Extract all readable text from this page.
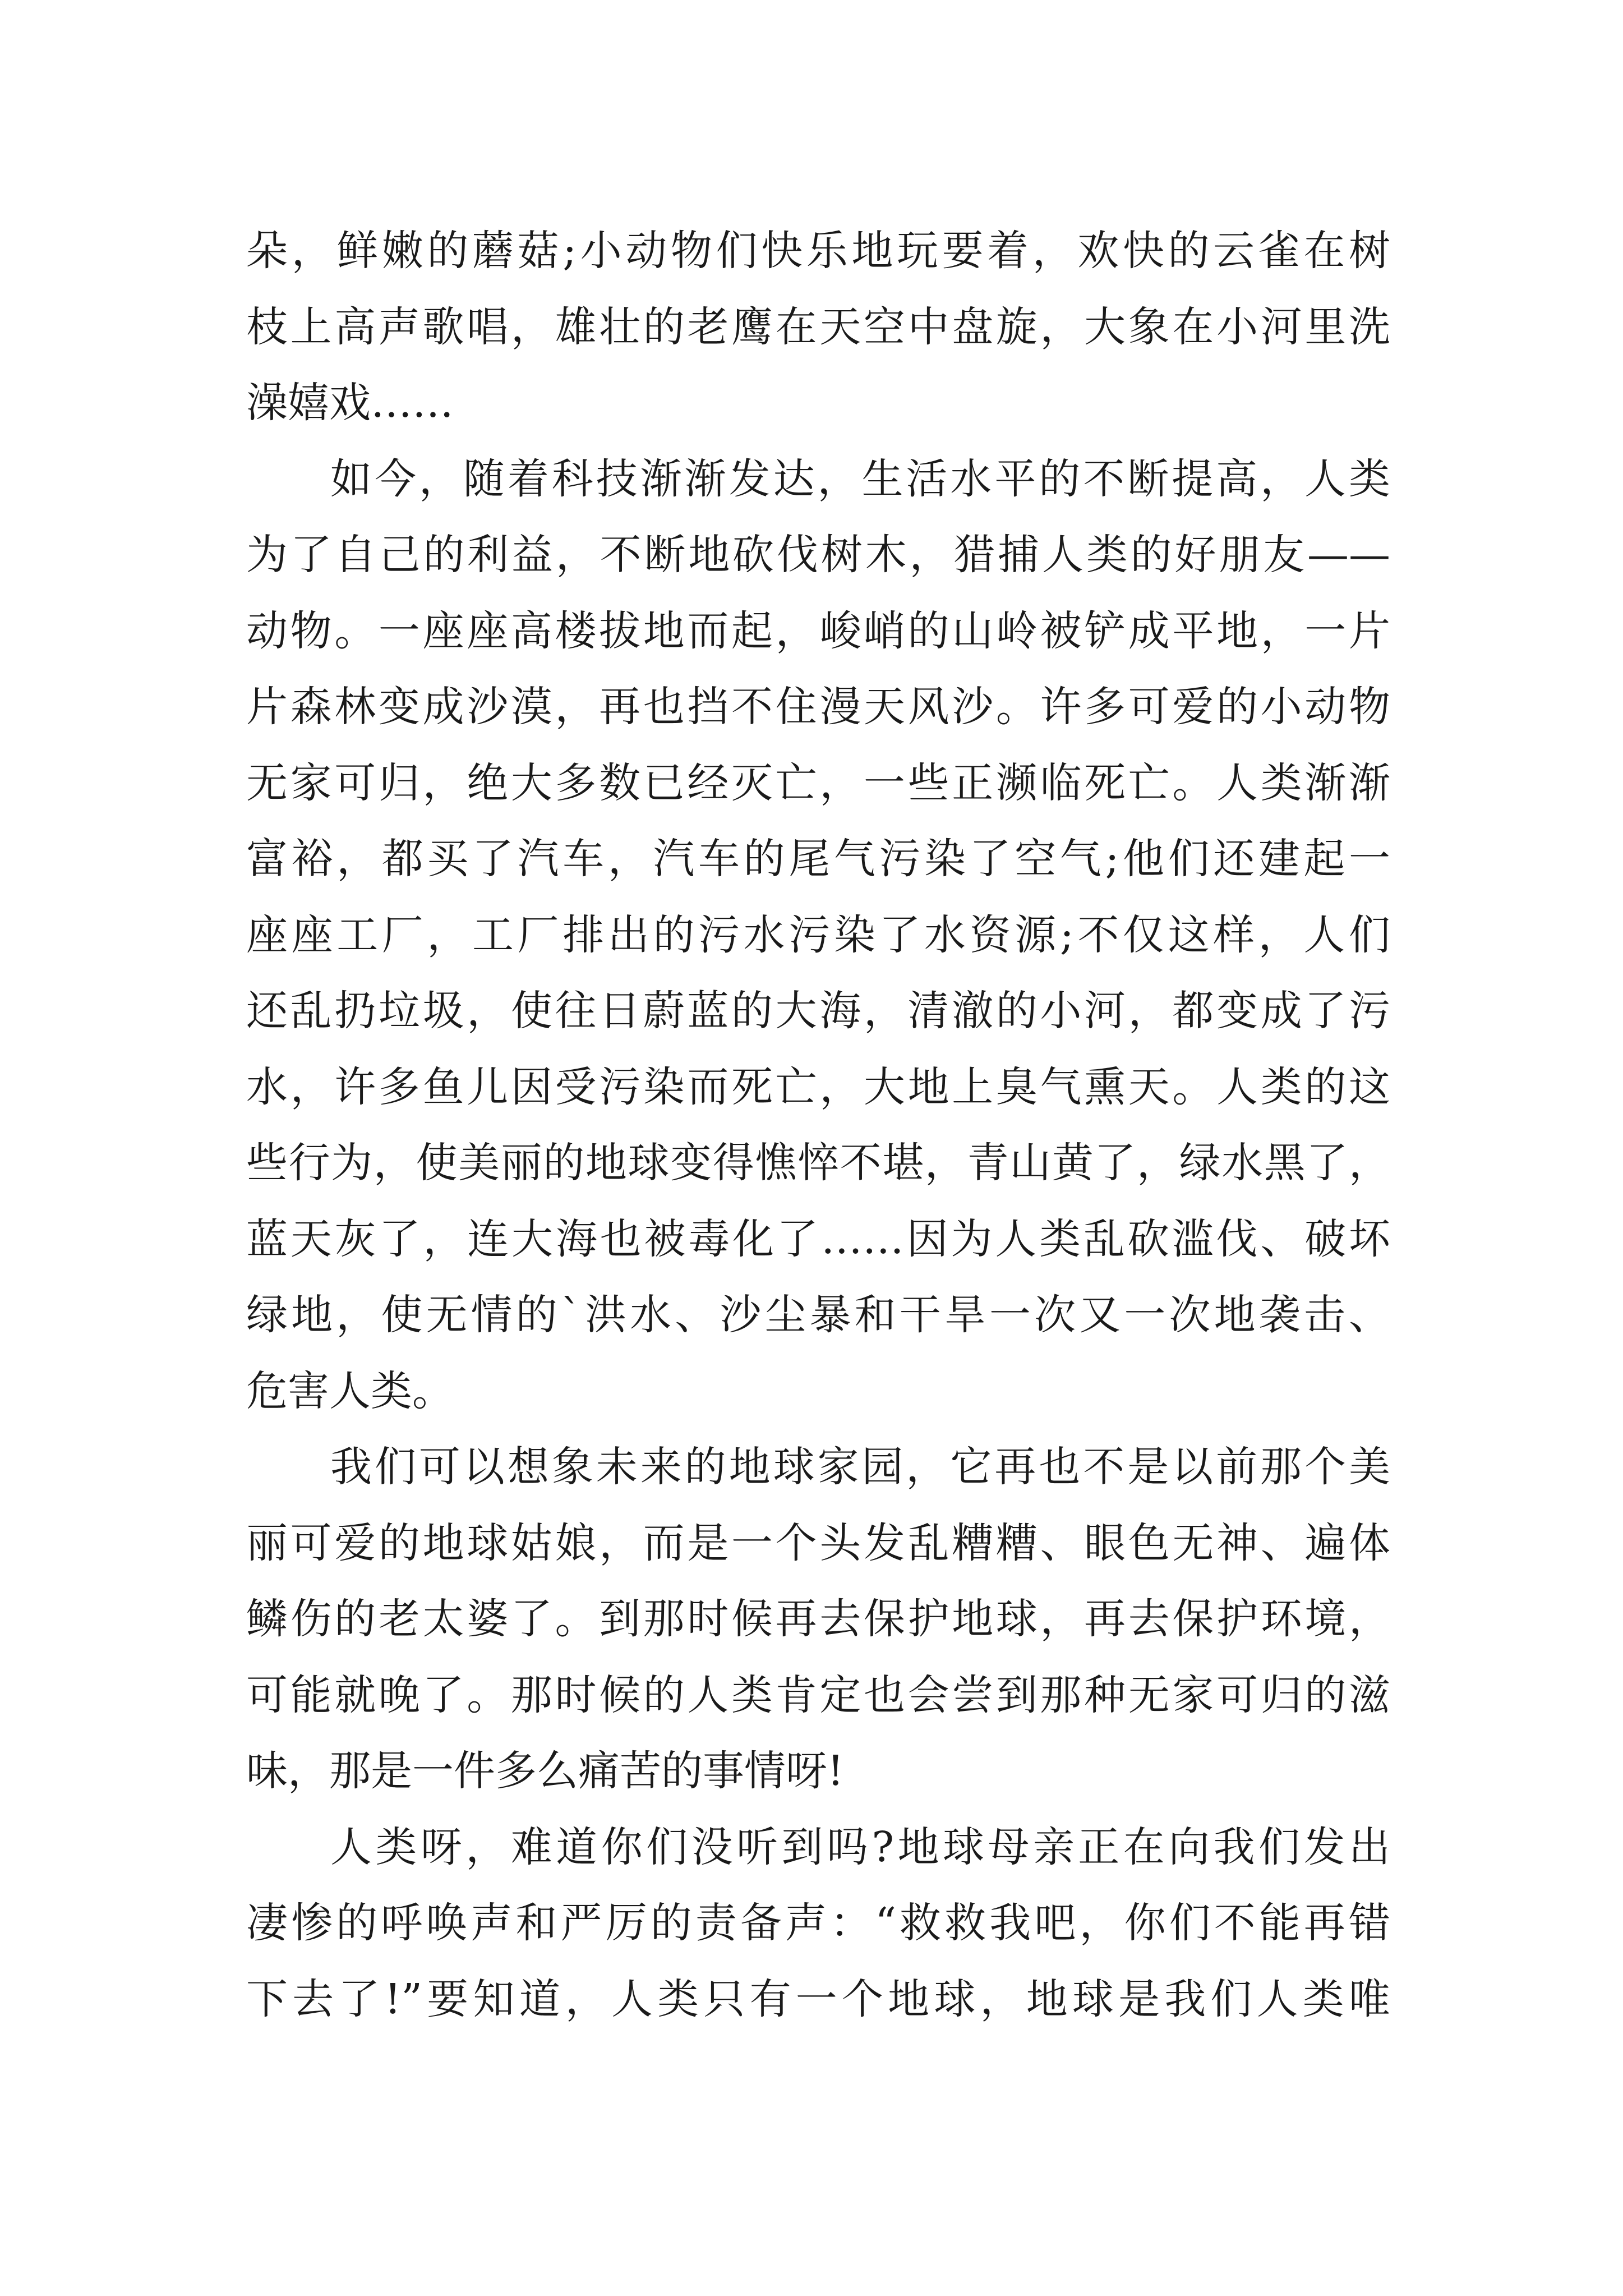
朵，鲜嫩的蘑菇;小动物们快乐地玩要着，欢快的云雀在树
枝上高声歌唱，雄壮的老鹰在天空中盘旋，大象在小河里洗
澡嬉戏……
如今，随着科技渐渐发达，生活水平的不断提高，人类
为了自己的利益，不断地砍伐树木，猎捕人类的好朋友——
动物。一座座高楼拔地而起，峻峭的山岭被铲成平地，一片
片森林变成沙漠，再也挡不住漫天风沙。许多可爱的小动物
无家可归，绝大多数已经灭亡，一些正濒临死亡。人类渐渐
富裕，都买了汽车，汽车的尾气污染了空气;他们还建起一
座座工厂，工厂排出的污水污染了水资源;不仅这样，人们
还乱扔垃圾，使往日蔚蓝的大海，清澈的小河，都变成了污
水，许多鱼儿因受污染而死亡，大地上臭气熏天。人类的这
些行为，使美丽的地球变得憔悴不堪，青山黄了，绿水黑了，
蓝天灰了，连大海也被毒化了……因为人类乱砍滥伐、破坏
绿地，使无情的`洪水、沙尘暴和干旱一次又一次地袭击、
危害人类。
我们可以想象未来的地球家园，它再也不是以前那个美
丽可爱的地球姑娘，而是一个头发乱糟糟、眼色无神、遍体
鳞伤的老太婆了。到那时候再去保护地球，再去保护环境，
可能就晚了。那时候的人类肯定也会尝到那种无家可归的滋
味，那是一件多么痛苦的事情呀!
人类呀，难道你们没听到吗?地球母亲正在向我们发出
凄惨的呼唤声和严厉的责备声：“救救我吧，你们不能再错
下去了!”要知道，人类只有一个地球，地球是我们人类唯
